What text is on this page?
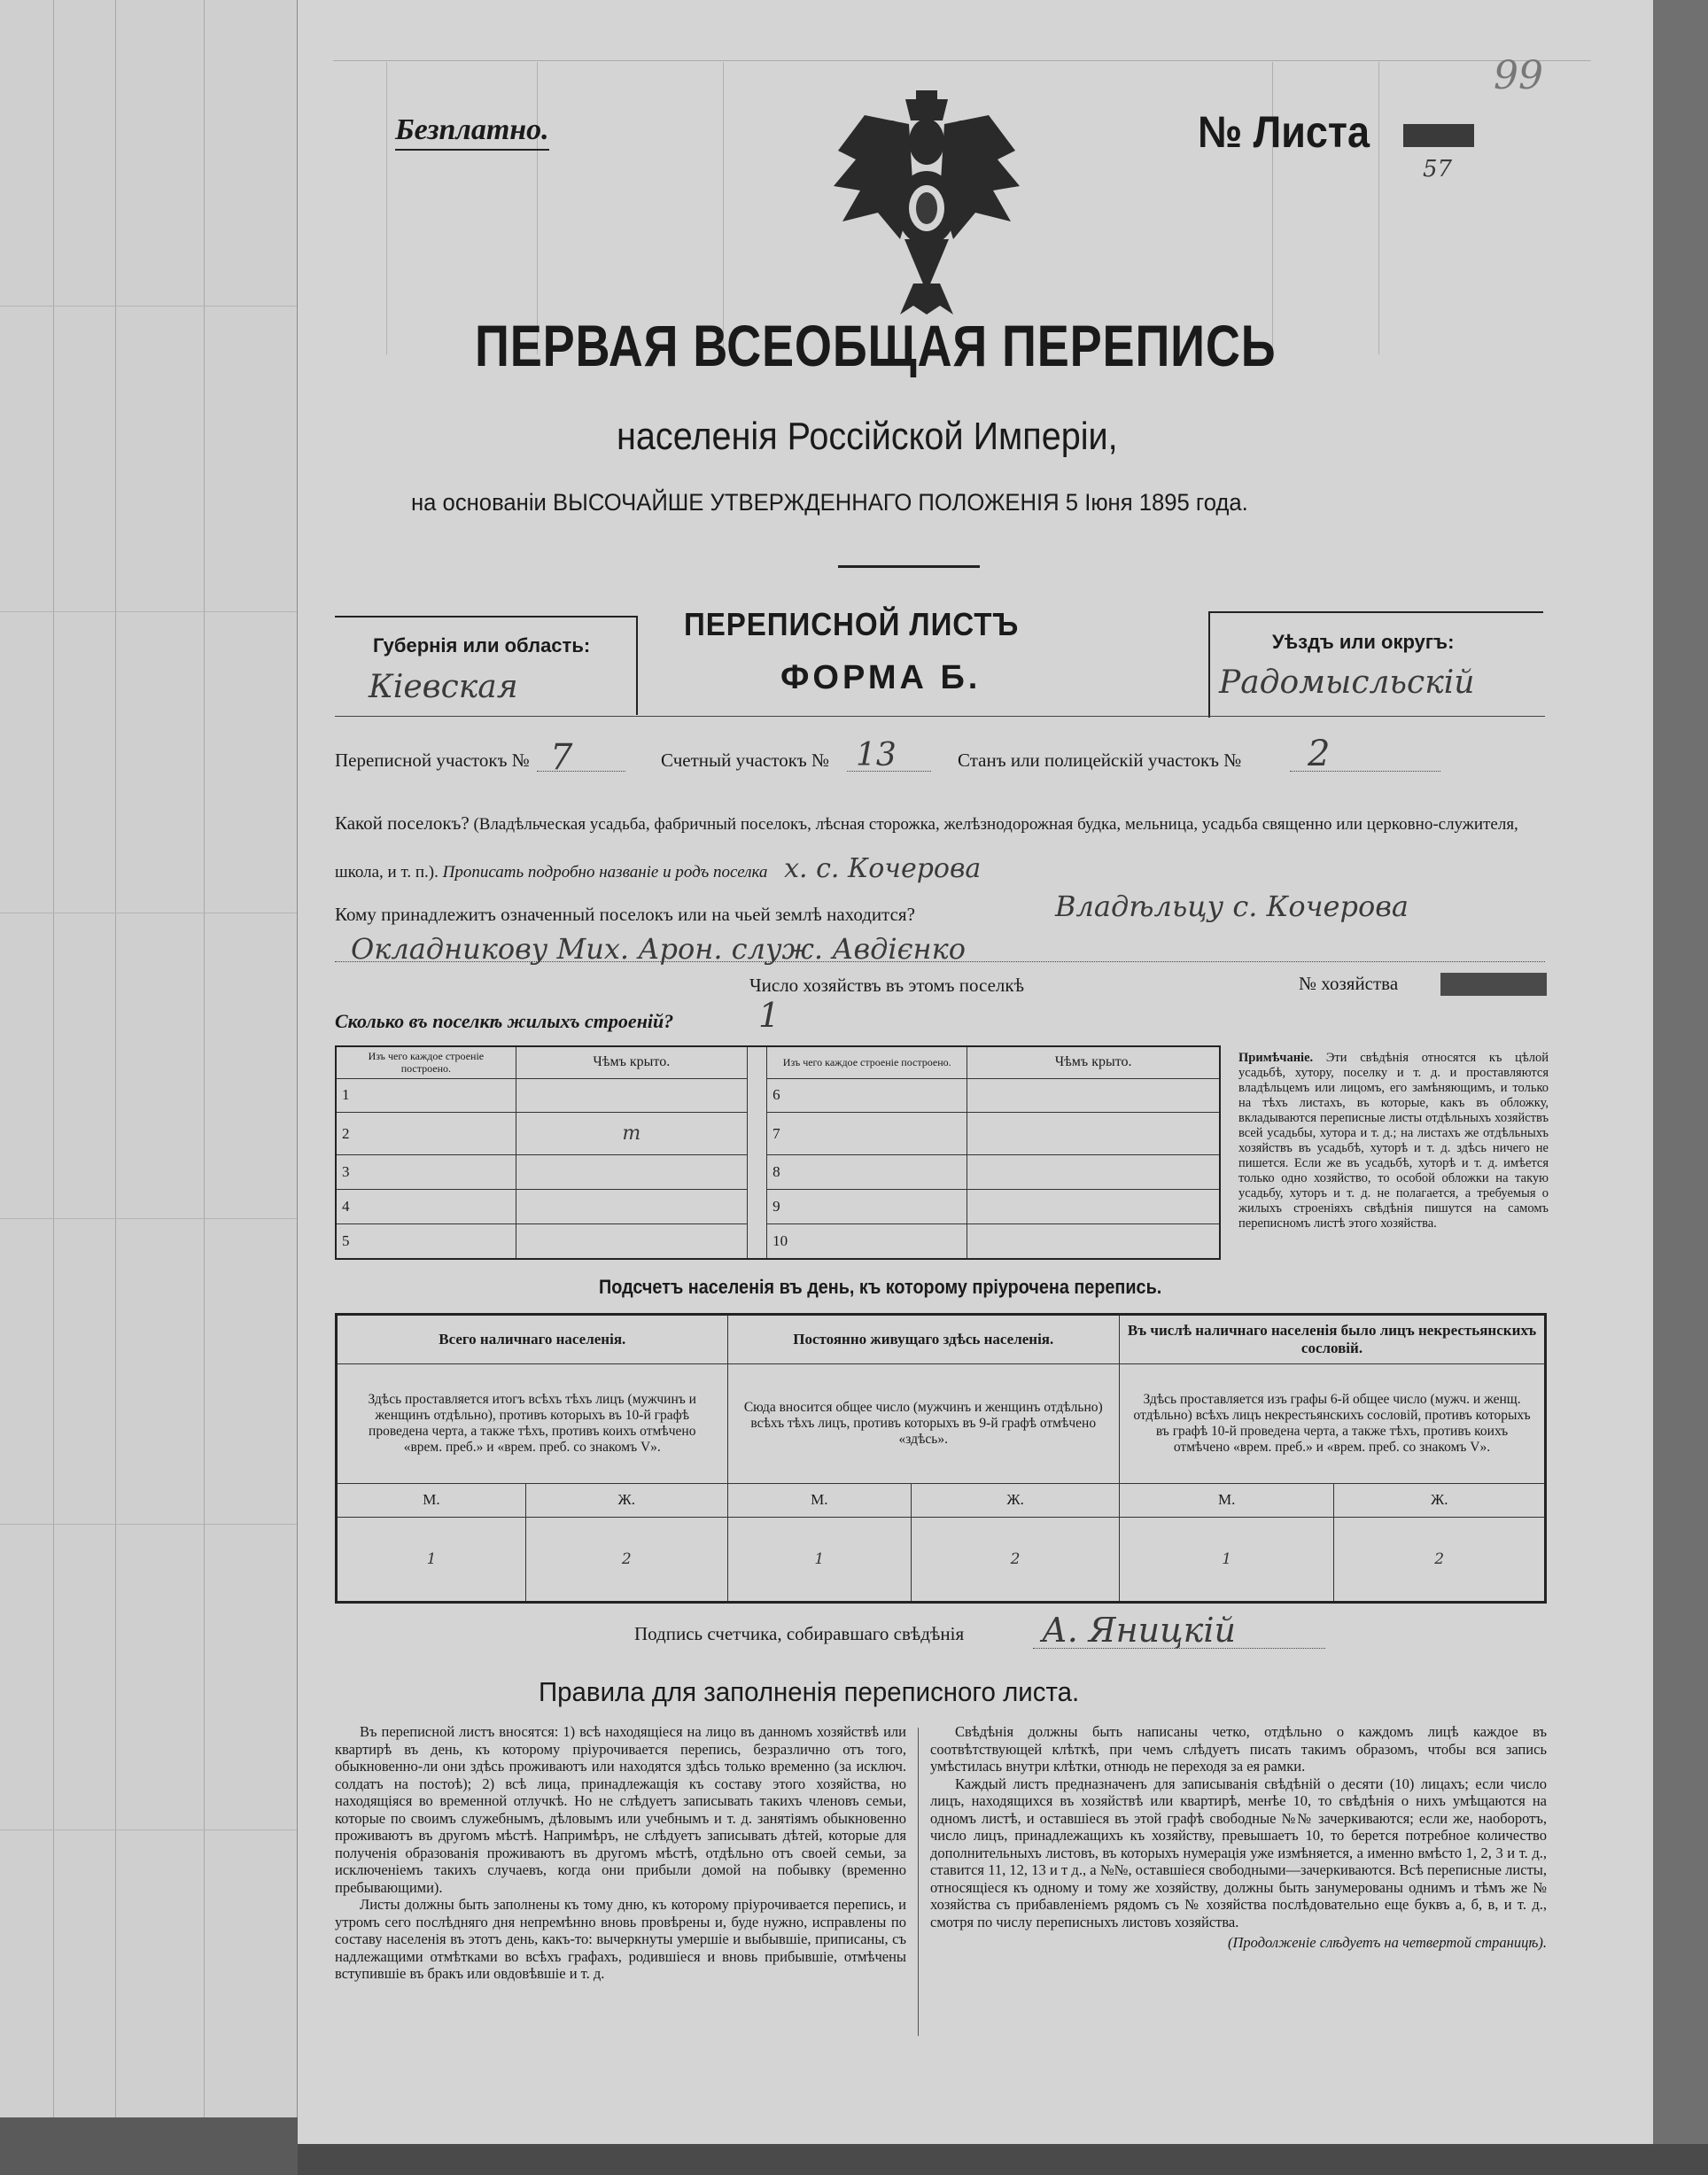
Безплатно.	№ Листа
57
99
ПЕРВАЯ ВСЕОБЩАЯ ПЕРЕПИСЬ
населенія Россійской Имперіи,
на основаніи ВЫСОЧАЙШЕ УТВЕРЖДЕННАГО ПОЛОЖЕНІЯ 5 Іюня 1895 года.
Губернія или область:
Кіевская
ПЕРЕПИСНОЙ ЛИСТЪ
ФОРМА Б.
Уѣздъ или округъ:
Радомысльскій
Переписной участокъ № 7	Счетный участокъ № 13	Станъ или полицейскій участокъ № 2
Какой поселокъ? (Владѣльческая усадьба, фабричный поселокъ, лѣсная сторожка, желѣзнодорожная будка, мельница, усадьба священно или церковно-служителя, школа, и т. п.). Прописать подробно названіе и родъ поселка х. с. Кочерова
Кому принадлежитъ означенный поселокъ или на чьей землѣ находится?	Владѣльцу с. Кочерова
Окладникову Мих. Арон. служ. Авдієнко
Число хозяйствъ въ этомъ поселкѣ	№ хозяйства
Сколько въ поселкѣ жилыхъ строеній?	1
Изъ чего каждое строеніе построено.	Чѣмъ крыто.		Изъ чего каждое строеніе построено.	Чѣмъ крыто.
1			6	
2	т		7	
3			8	
4			9	
5			10	
Примѣчаніе. Эти свѣдѣнія относятся къ цѣлой усадьбѣ, хутору, поселку и т. д. и проставляются владѣльцемъ или лицомъ, его замѣняющимъ, и только на тѣхъ листахъ, въ которые, какъ въ обложку, вкладываются переписные листы отдѣльныхъ хозяйствъ всей усадьбы, хутора и т. д.; на листахъ же отдѣльныхъ хозяйствъ въ усадьбѣ, хуторѣ и т. д. здѣсь ничего не пишется. Если же въ усадьбѣ, хуторѣ и т. д. имѣется только одно хозяйство, то особой обложки на такую усадьбу, хуторъ и т. д. не полагается, а требуемыя о жилыхъ строеніяхъ свѣдѣнія пишутся на самомъ переписномъ листѣ этого хозяйства.
Подсчетъ населенія въ день, къ которому пріурочена перепись.
Всего наличнаго населенія.		Постоянно живущаго здѣсь населенія.		Въ числѣ наличнаго населенія было лицъ некрестьянскихъ сословій.	
Здѣсь проставляется итогъ всѣхъ тѣхъ лицъ (мужчинъ и женщинъ отдѣльно), противъ которыхъ въ 10-й графѣ проведена черта, а также тѣхъ, противъ коихъ отмѣчено «врем. преб.» и «врем. преб. со знакомъ V».		Сюда вносится общее число (мужчинъ и женщинъ отдѣльно) всѣхъ тѣхъ лицъ, противъ которыхъ въ 9-й графѣ отмѣчено «здѣсь».		Здѣсь проставляется изъ графы 6-й общее число (мужч. и женщ. отдѣльно) всѣхъ лицъ некрестьянскихъ сословій, противъ которыхъ въ графѣ 10-й проведена черта, а также тѣхъ, противъ коихъ отмѣчено «врем. преб.» и «врем. преб. со знакомъ V».	
М.	Ж.	М.	Ж.	М.	Ж.
1	2	1	2	1	2
Подпись счетчика, собиравшаго свѣдѣнія А. Яницкій
Правила для заполненія переписного листа.
Въ переписной листъ вносятся: 1) всѣ находящіеся на лицо въ данномъ хозяйствѣ или квартирѣ въ день, къ которому пріурочивается перепись, безразлично отъ того, обыкновенно-ли они здѣсь проживаютъ или находятся здѣсь только временно (за исключ. солдатъ на постоѣ); 2) всѣ лица, принадлежащія къ составу этого хозяйства, но находящіяся во временной отлучкѣ. Но не слѣдуетъ записывать такихъ членовъ семьи, которые по своимъ служебнымъ, дѣловымъ или учебнымъ и т. д. занятіямъ обыкновенно проживаютъ въ другомъ мѣстѣ. Напримѣръ, не слѣдуетъ записывать дѣтей, которые для полученія образованія проживаютъ въ другомъ мѣстѣ, отдѣльно отъ своей семьи, за исключеніемъ такихъ случаевъ, когда они прибыли домой на побывку (временно пребывающими).
Листы должны быть заполнены къ тому дню, къ которому пріурочивается перепись, и утромъ сего послѣдняго дня непремѣнно вновь провѣрены и, буде нужно, исправлены по составу населенія въ этотъ день, какъ-то: вычеркнуты умершіе и выбывшіе, приписаны, съ надлежащими отмѣтками во всѣхъ графахъ, родившіеся и вновь прибывшіе, отмѣчены вступившіе въ бракъ или овдовѣвшіе и т. д.
Свѣдѣнія должны быть написаны четко, отдѣльно о каждомъ лицѣ каждое въ соотвѣтствующей клѣткѣ, при чемъ слѣдуетъ писать такимъ образомъ, чтобы вся запись умѣстилась внутри клѣтки, отнюдь не переходя за ея рамки.
Каждый листъ предназначенъ для записыванія свѣдѣній о десяти (10) лицахъ; если число лицъ, находящихся въ хозяйствѣ или квартирѣ, менѣе 10, то свѣдѣнія о нихъ умѣщаются на одномъ листѣ, и оставшіеся въ этой графѣ свободные №№ зачеркиваются; если же, наоборотъ, число лицъ, принадлежащихъ къ хозяйству, превышаетъ 10, то берется потребное количество дополнительныхъ листовъ, въ которыхъ нумерація уже измѣняется, а именно вмѣсто 1, 2, 3 и т. д., ставится 11, 12, 13 и т д., а №№, оставшіеся свободными—зачеркиваются. Всѣ переписные листы, относящіеся къ одному и тому же хозяйству, должны быть занумерованы однимъ и тѣмъ же № хозяйства съ прибавленіемъ рядомъ съ № хозяйства послѣдовательно еще буквъ а, б, в, и т. д., смотря по числу переписныхъ листовъ хозяйства.
(Продолженіе слѣдуетъ на четвертой страницѣ).
